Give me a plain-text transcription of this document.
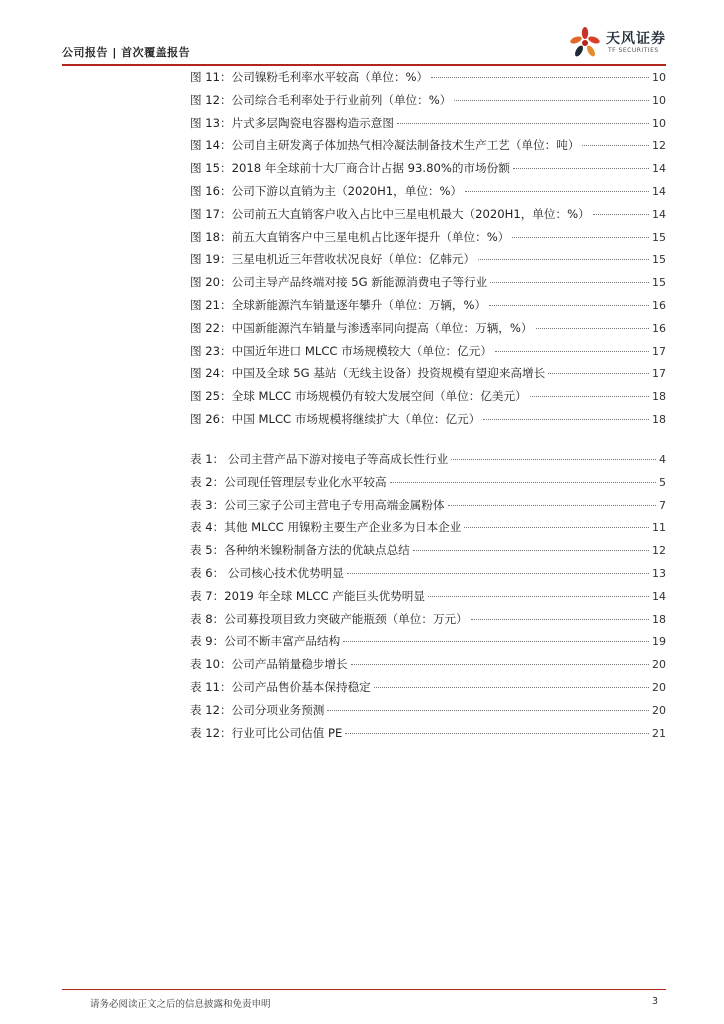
公司报告 | 首次覆盖报告
天风证券
TF SECURITIES
图 11：公司镍粉毛利率水平较高（单位：%）	10
图 12：公司综合毛利率处于行业前列（单位：%）	10
图 13：片式多层陶瓷电容器构造示意图	10
图 14：公司自主研发离子体加热气相冷凝法制备技术生产工艺（单位：吨）	12
图 15：2018 年全球前十大厂商合计占据 93.80%的市场份额	14
图 16：公司下游以直销为主（2020H1，单位：%）	14
图 17：公司前五大直销客户收入占比中三星电机最大（2020H1，单位：%）	14
图 18：前五大直销客户中三星电机占比逐年提升（单位：%）	15
图 19：三星电机近三年营收状况良好（单位：亿韩元）	15
图 20：公司主导产品终端对接 5G 新能源消费电子等行业	15
图 21：全球新能源汽车销量逐年攀升（单位：万辆，%）	16
图 22：中国新能源汽车销量与渗透率同向提高（单位：万辆，%）	16
图 23：中国近年进口 MLCC 市场规模较大（单位：亿元）	17
图 24：中国及全球 5G 基站（无线主设备）投资规模有望迎来高增长	17
图 25：全球 MLCC 市场规模仍有较大发展空间（单位：亿美元）	18
图 26：中国 MLCC 市场规模将继续扩大（单位：亿元）	18
表 1： 公司主营产品下游对接电子等高成长性行业	4
表 2：公司现任管理层专业化水平较高	5
表 3：公司三家子公司主营电子专用高端金属粉体	7
表 4：其他 MLCC 用镍粉主要生产企业多为日本企业	11
表 5：各种纳米镍粉制备方法的优缺点总结	12
表 6： 公司核心技术优势明显	13
表 7：2019 年全球 MLCC 产能巨头优势明显	14
表 8：公司募投项目致力突破产能瓶颈（单位：万元）	18
表 9：公司不断丰富产品结构	19
表 10：公司产品销量稳步增长	20
表 11：公司产品售价基本保持稳定	20
表 12：公司分项业务预测	20
表 12：行业可比公司估值 PE	21
请务必阅读正文之后的信息披露和免责申明	3
